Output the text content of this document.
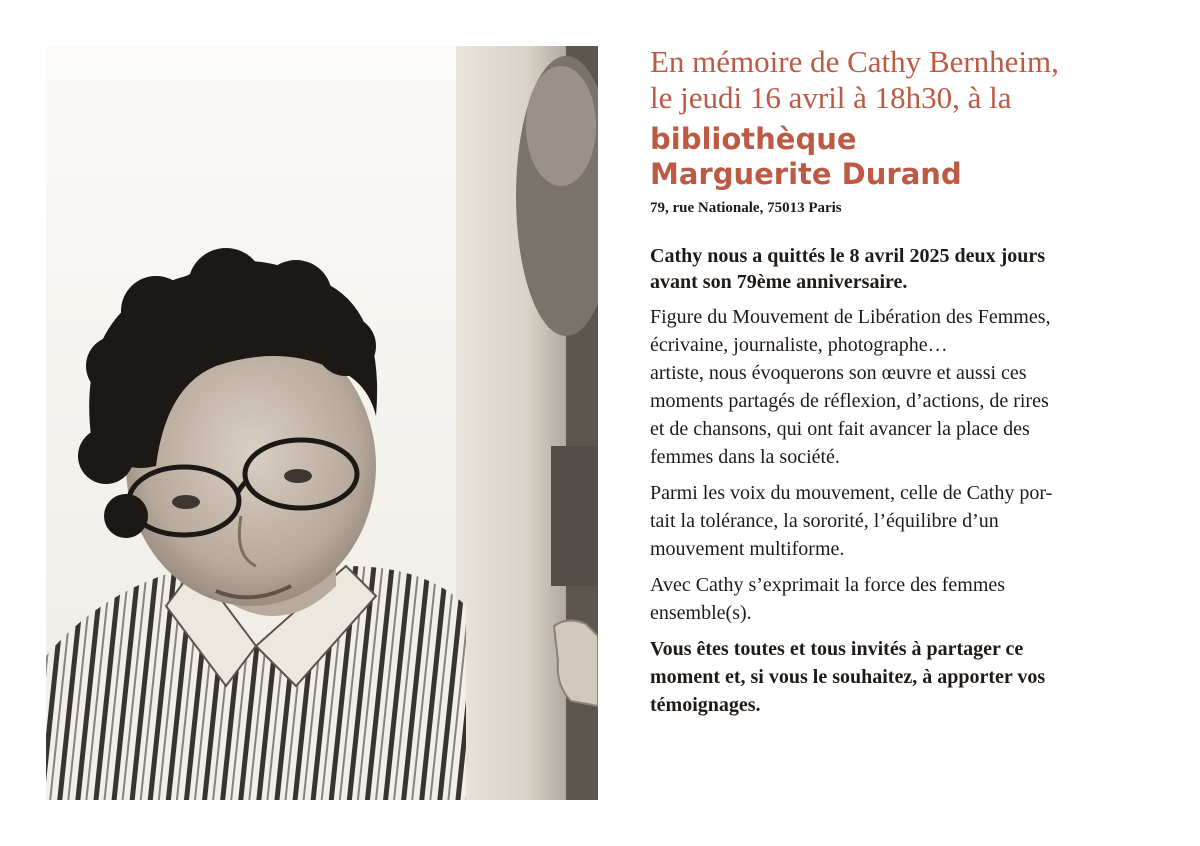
En mémoire de Cathy Bernheim,
le jeudi 16 avril à 18h30, à la
bibliothèque
Marguerite Durand
79, rue Nationale, 75013 Paris

Cathy nous a quittés le 8 avril 2025 deux jours
avant son 79ème anniversaire.

Figure du Mouvement de Libération des Femmes,
écrivaine, journaliste, photographe…
artiste, nous évoquerons son œuvre et aussi ces
moments partagés de réflexion, d’actions, de rires
et de chansons, qui ont fait avancer la place des
femmes dans la société.

Parmi les voix du mouvement, celle de Cathy por-
tait la tolérance, la sororité, l’équilibre d’un
mouvement multiforme.

Avec Cathy s’exprimait la force des femmes
ensemble(s).

Vous êtes toutes et tous invités à partager ce
moment et, si vous le souhaitez, à apporter vos
témoignages.
